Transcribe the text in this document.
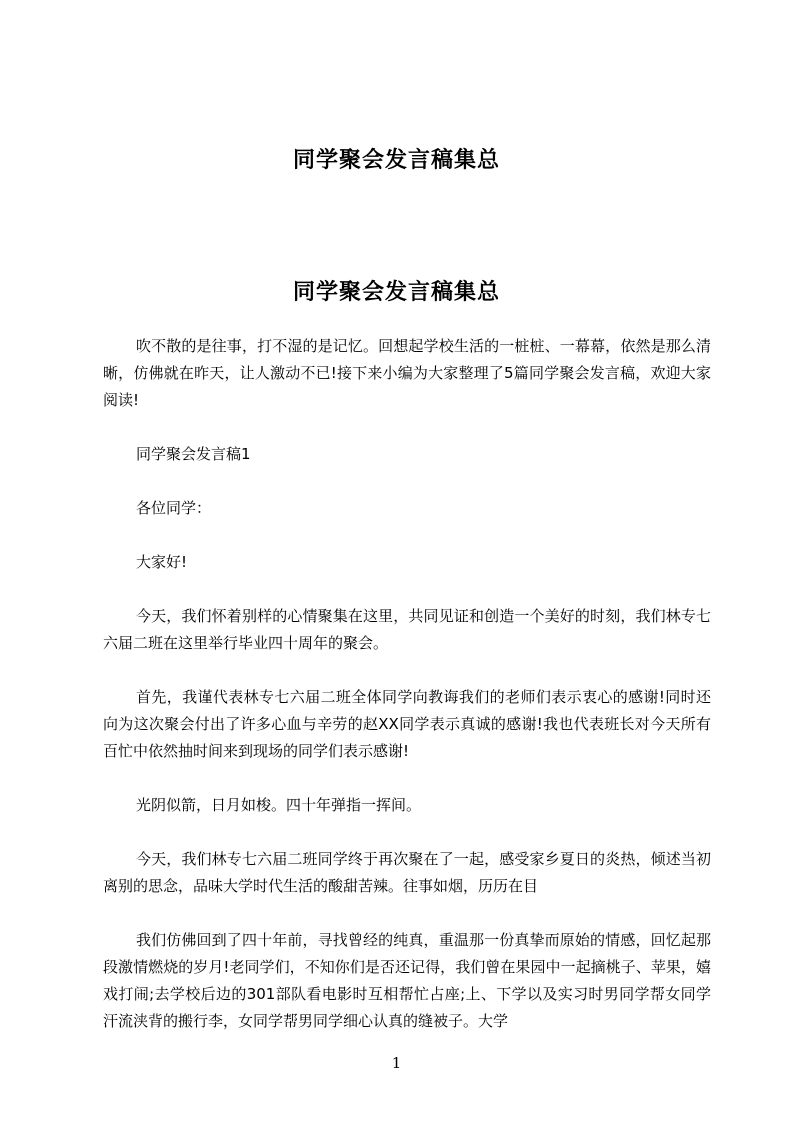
同学聚会发言稿集总
同学聚会发言稿集总

吹不散的是往事，打不湿的是记忆。回想起学校生活的一桩桩、一幕幕，依然是那么清晰，仿佛就在昨天，让人激动不已!接下来小编为大家整理了5篇同学聚会发言稿，欢迎大家阅读!

同学聚会发言稿1

各位同学：

大家好!

今天，我们怀着别样的心情聚集在这里，共同见证和创造一个美好的时刻，我们林专七六届二班在这里举行毕业四十周年的聚会。

首先，我谨代表林专七六届二班全体同学向教诲我们的老师们表示衷心的感谢!同时还向为这次聚会付出了许多心血与辛劳的赵XX同学表示真诚的感谢!我也代表班长对今天所有百忙中依然抽时间来到现场的同学们表示感谢!

光阴似箭，日月如梭。四十年弹指一挥间。

今天，我们林专七六届二班同学终于再次聚在了一起，感受家乡夏日的炎热，倾述当初离别的思念，品味大学时代生活的酸甜苦辣。往事如烟，历历在目

我们仿佛回到了四十年前，寻找曾经的纯真，重温那一份真挚而原始的情感，回忆起那段激情燃烧的岁月!老同学们，不知你们是否还记得，我们曾在果园中一起摘桃子、苹果，嬉戏打闹;去学校后边的301部队看电影时互相帮忙占座;上、下学以及实习时男同学帮女同学汗流浃背的搬行李，女同学帮男同学细心认真的缝被子。大学

1
